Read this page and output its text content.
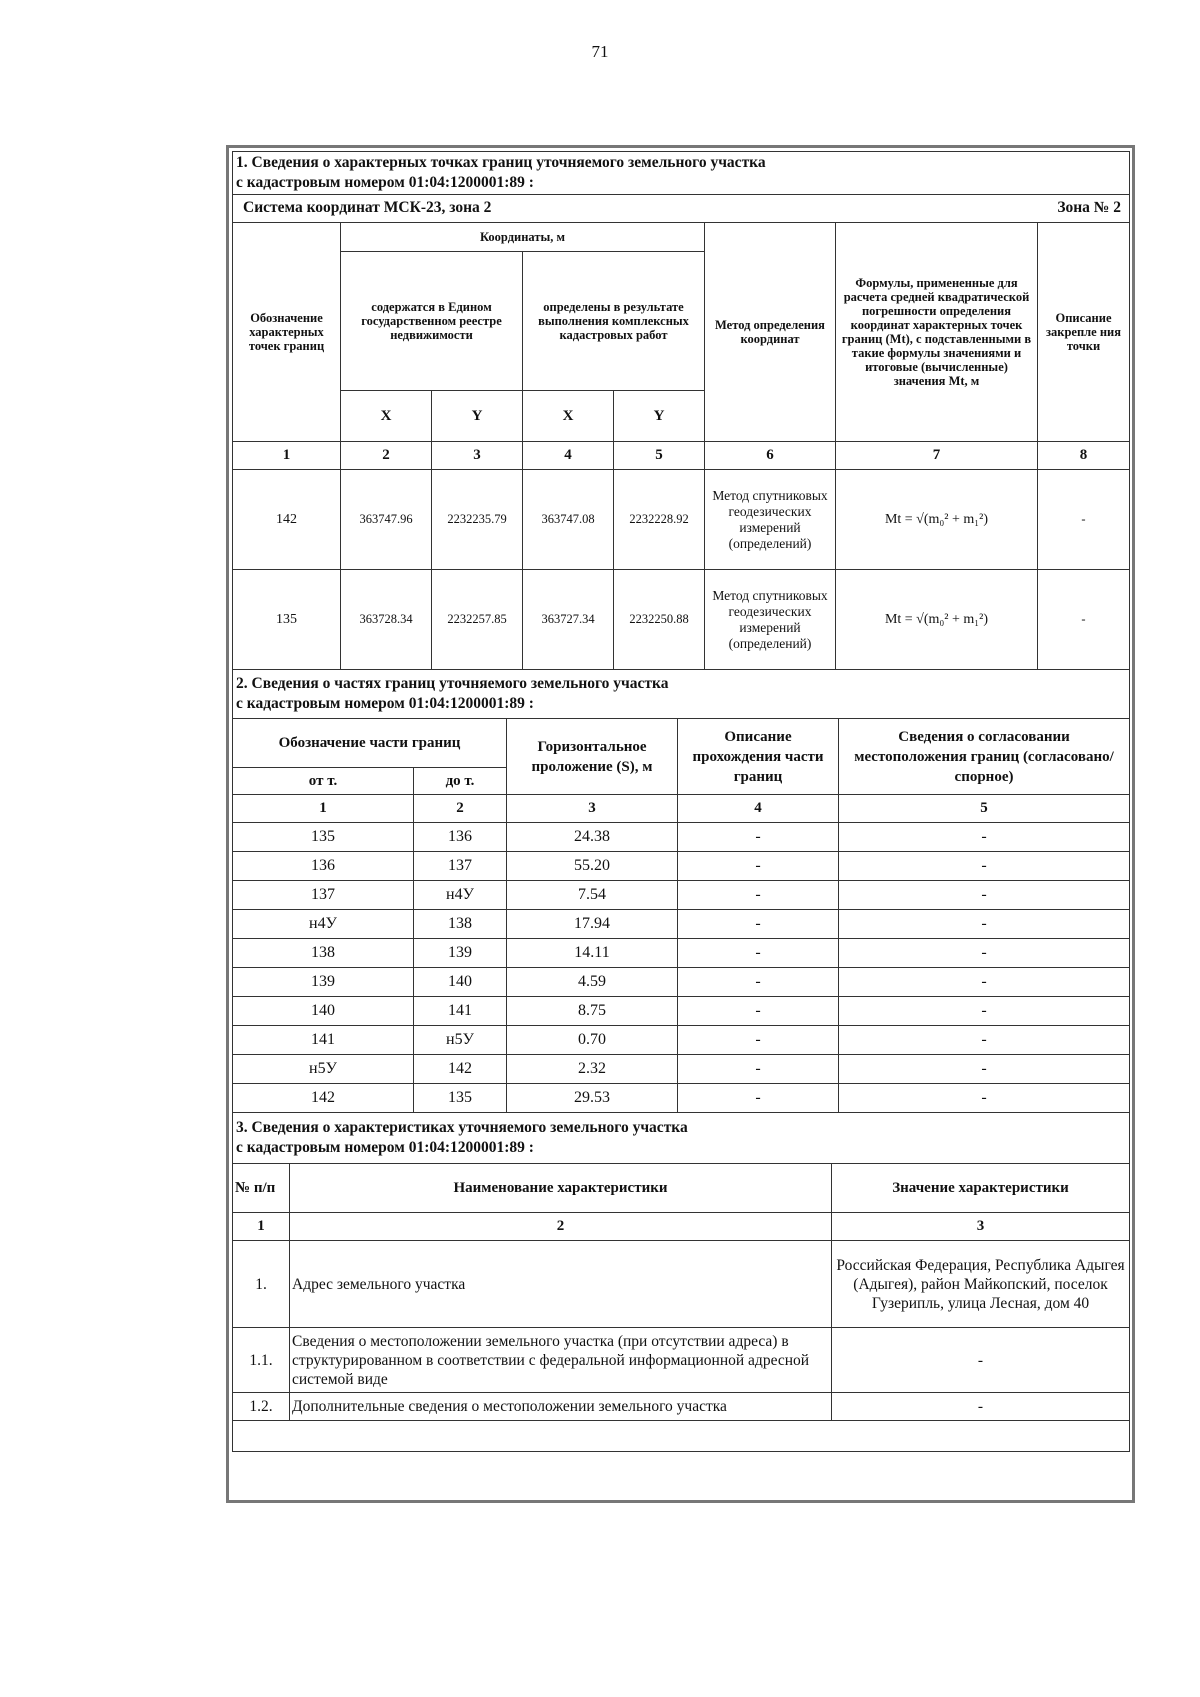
71
1. Сведения о характерных точках границ уточняемого земельного участка
с кадастровым номером 01:04:1200001:89 :							

Система координат МСК-23, зона 2 Зона № 2							

Обозначение характерных точек границ	Координаты, м				Метод определения координат	Формулы, примененные для расчета средней квадратической погрешности определения координат характерных точек границ (Mt), с подставленными в такие формулы значениями и итоговые (вычисленные) значения Mt, м	Описание закрепле ния точки
	содержатся в Едином государственном реестре недвижимости		определены в результате выполнения комплексных кадастровых работ				
	X	Y	X	Y			
1	2	3	4	5	6	7	8
142	363747.96	2232235.79	363747.08	2232228.92	Метод спутниковых геодезических измерений (определений)	Mt = √(m₀² + m₁²)	-
135	363728.34	2232257.85	363727.34	2232250.88	Метод спутниковых геодезических измерений (определений)	Mt = √(m₀² + m₁²)	-
2. Сведения о частях границ уточняемого земельного участка
с кадастровым номером 01:04:1200001:89 :				

Обозначение части границ		Горизонтальное проложение (S), м	Описание прохождения части границ	Сведения о согласовании местоположения границ (согласовано/спорное)
от т.	до т.			
1	2	3	4	5
135	136	24.38	-	-
136	137	55.20	-	-
137	н4У	7.54	-	-
н4У	138	17.94	-	-
138	139	14.11	-	-
139	140	4.59	-	-
140	141	8.75	-	-
141	н5У	0.70	-	-
н5У	142	2.32	-	-
142	135	29.53	-	-
3. Сведения о характеристиках уточняемого земельного участка
с кадастровым номером 01:04:1200001:89 :		

№ п/п	Наименование характеристики	Значение характеристики
1	2	3
1.	Адрес земельного участка	Российская Федерация, Республика Адыгея (Адыгея), район Майкопский, поселок Гузерипль, улица Лесная, дом 40
1.1.	Сведения о местоположении земельного участка (при отсутствии адреса) в структурированном в соответствии с федеральной информационной адресной системой виде	-
1.2.	Дополнительные сведения о местоположении земельного участка	-
